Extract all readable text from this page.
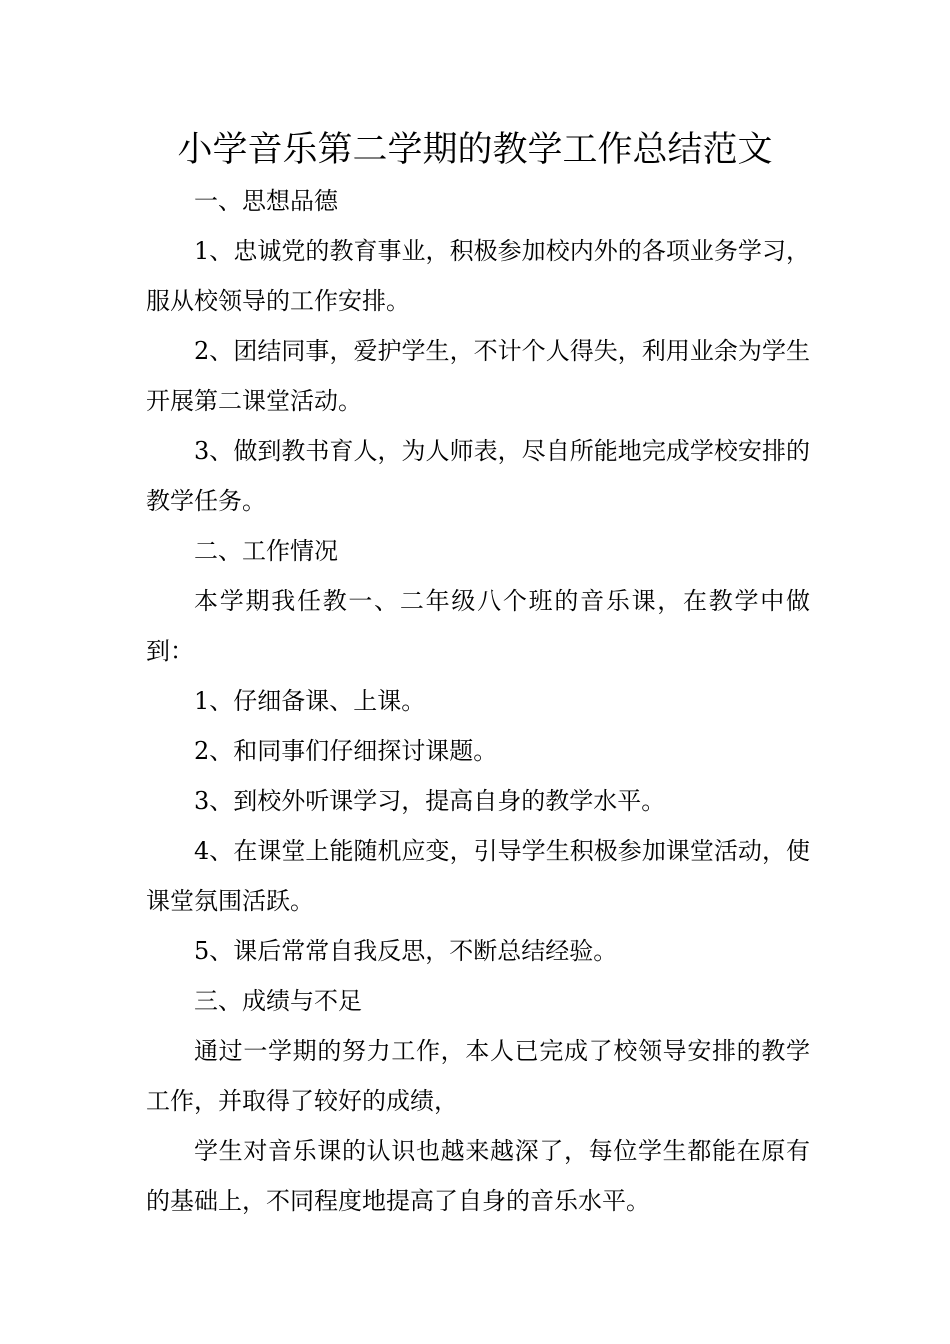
小学音乐第二学期的教学工作总结范文

一、思想品德

1、忠诚党的教育事业，积极参加校内外的各项业务学习，服从校领导的工作安排。

2、团结同事，爱护学生，不计个人得失，利用业余为学生开展第二课堂活动。

3、做到教书育人，为人师表，尽自所能地完成学校安排的教学任务。

二、工作情况

本学期我任教一、二年级八个班的音乐课，在教学中做到：

1、仔细备课、上课。

2、和同事们仔细探讨课题。

3、到校外听课学习，提高自身的教学水平。

4、在课堂上能随机应变，引导学生积极参加课堂活动，使课堂氛围活跃。

5、课后常常自我反思，不断总结经验。

三、成绩与不足

通过一学期的努力工作，本人已完成了校领导安排的教学工作，并取得了较好的成绩，

学生对音乐课的认识也越来越深了，每位学生都能在原有的基础上，不同程度地提高了自身的音乐水平。
